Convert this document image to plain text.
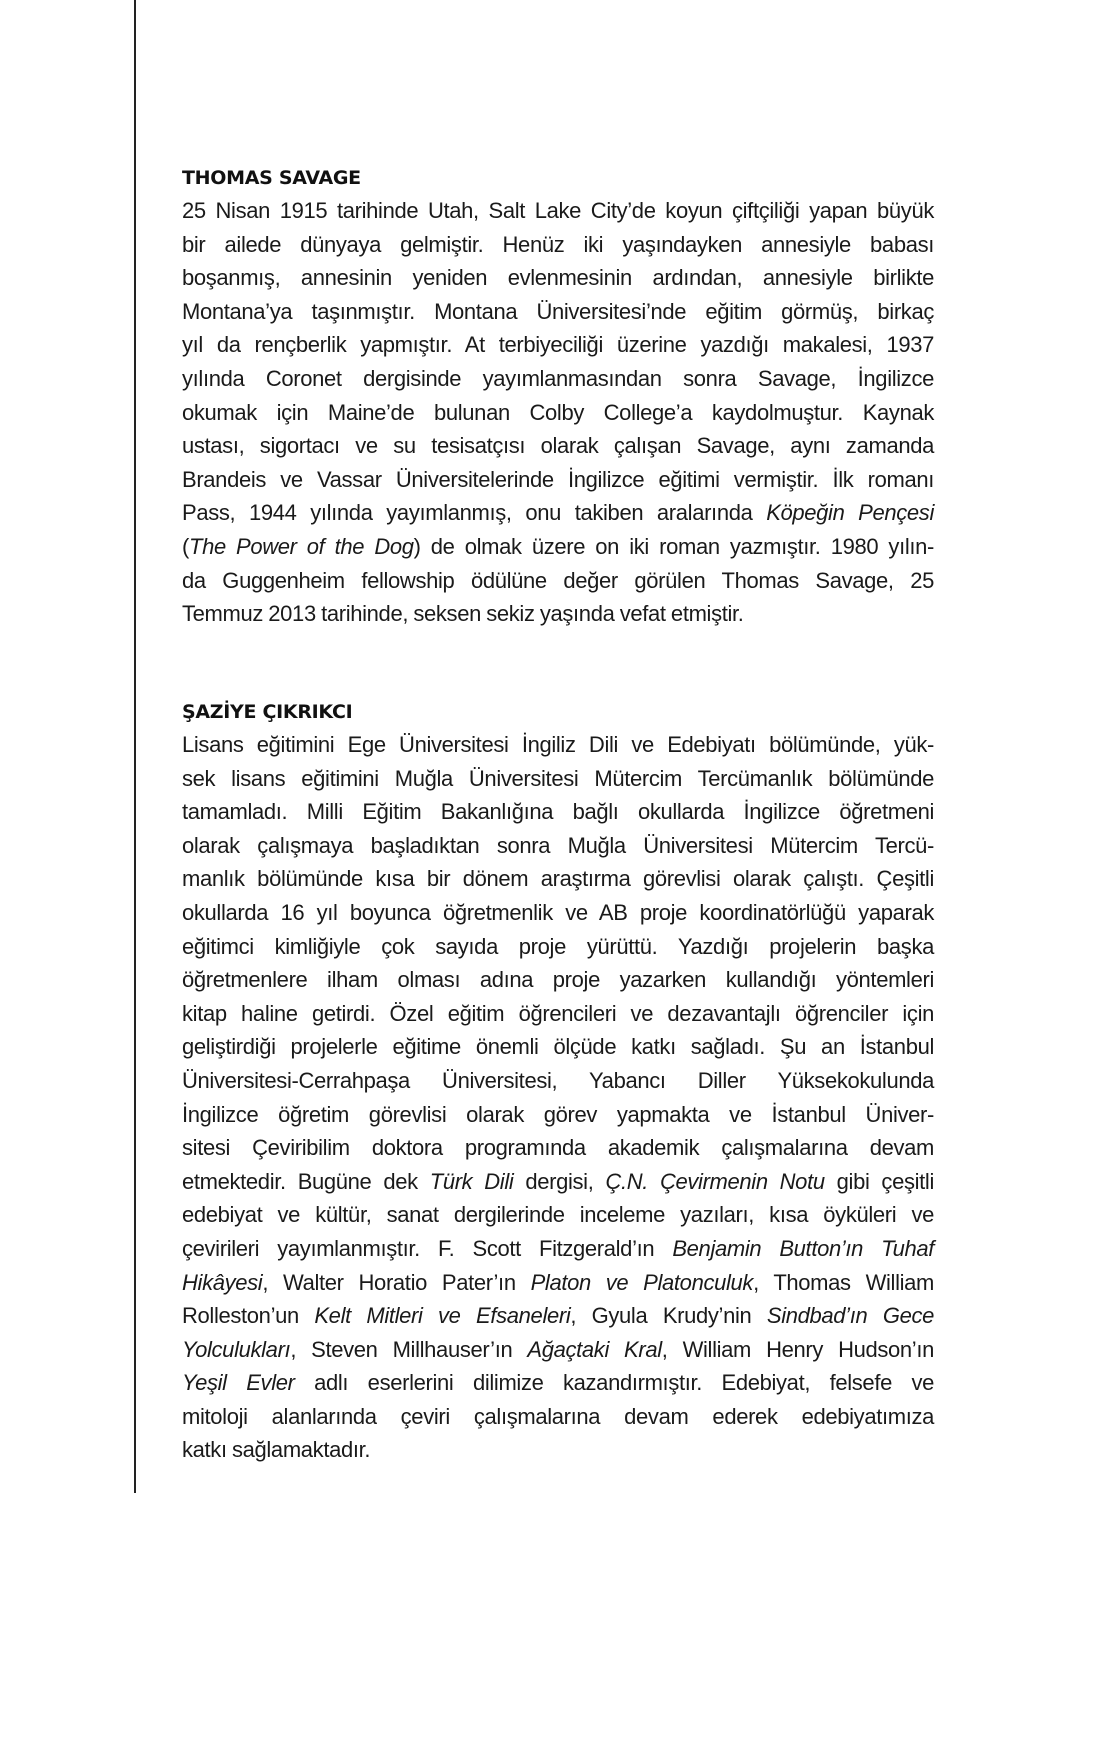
THOMAS SAVAGE

25 Nisan 1915 tarihinde Utah, Salt Lake City’de koyun çiftçiliği yapan büyük
bir ailede dünyaya gelmiştir. Henüz iki yaşındayken annesiyle babası
boşanmış, annesinin yeniden evlenmesinin ardından, annesiyle birlikte
Montana’ya taşınmıştır. Montana Üniversitesi’nde eğitim görmüş, birkaç
yıl da rençberlik yapmıştır. At terbiyeciliği üzerine yazdığı makalesi, 1937
yılında Coronet dergisinde yayımlanmasından sonra Savage, İngilizce
okumak için Maine’de bulunan Colby College’a kaydolmuştur. Kaynak
ustası, sigortacı ve su tesisatçısı olarak çalışan Savage, aynı zamanda
Brandeis ve Vassar Üniversitelerinde İngilizce eğitimi vermiştir. İlk romanı
Pass, 1944 yılında yayımlanmış, onu takiben aralarında Köpeğin Pençesi
(The Power of the Dog) de olmak üzere on iki roman yazmıştır. 1980 yılın-
da Guggenheim fellowship ödülüne değer görülen Thomas Savage, 25
Temmuz 2013 tarihinde, seksen sekiz yaşında vefat etmiştir.

ŞAZİYE ÇIKRIKCI

Lisans eğitimini Ege Üniversitesi İngiliz Dili ve Edebiyatı bölümünde, yük-
sek lisans eğitimini Muğla Üniversitesi Mütercim Tercümanlık bölümünde
tamamladı. Milli Eğitim Bakanlığına bağlı okullarda İngilizce öğretmeni
olarak çalışmaya başladıktan sonra Muğla Üniversitesi Mütercim Tercü-
manlık bölümünde kısa bir dönem araştırma görevlisi olarak çalıştı. Çeşitli
okullarda 16 yıl boyunca öğretmenlik ve AB proje koordinatörlüğü yaparak
eğitimci kimliğiyle çok sayıda proje yürüttü. Yazdığı projelerin başka
öğretmenlere ilham olması adına proje yazarken kullandığı yöntemleri
kitap haline getirdi. Özel eğitim öğrencileri ve dezavantajlı öğrenciler için
geliştirdiği projelerle eğitime önemli ölçüde katkı sağladı. Şu an İstanbul
Üniversitesi-Cerrahpaşa Üniversitesi, Yabancı Diller Yüksekokulunda
İngilizce öğretim görevlisi olarak görev yapmakta ve İstanbul Üniver-
sitesi Çeviribilim doktora programında akademik çalışmalarına devam
etmektedir. Bugüne dek Türk Dili dergisi, Ç.N. Çevirmenin Notu gibi çeşitli
edebiyat ve kültür, sanat dergilerinde inceleme yazıları, kısa öyküleri ve
çevirileri yayımlanmıştır. F. Scott Fitzgerald’ın Benjamin Button’ın Tuhaf
Hikâyesi, Walter Horatio Pater’ın Platon ve Platonculuk, Thomas William
Rolleston’un Kelt Mitleri ve Efsaneleri, Gyula Krudy’nin Sindbad’ın Gece
Yolculukları, Steven Millhauser’ın Ağaçtaki Kral, William Henry Hudson’ın
Yeşil Evler adlı eserlerini dilimize kazandırmıştır. Edebiyat, felsefe ve
mitoloji alanlarında çeviri çalışmalarına devam ederek edebiyatımıza
katkı sağlamaktadır.
